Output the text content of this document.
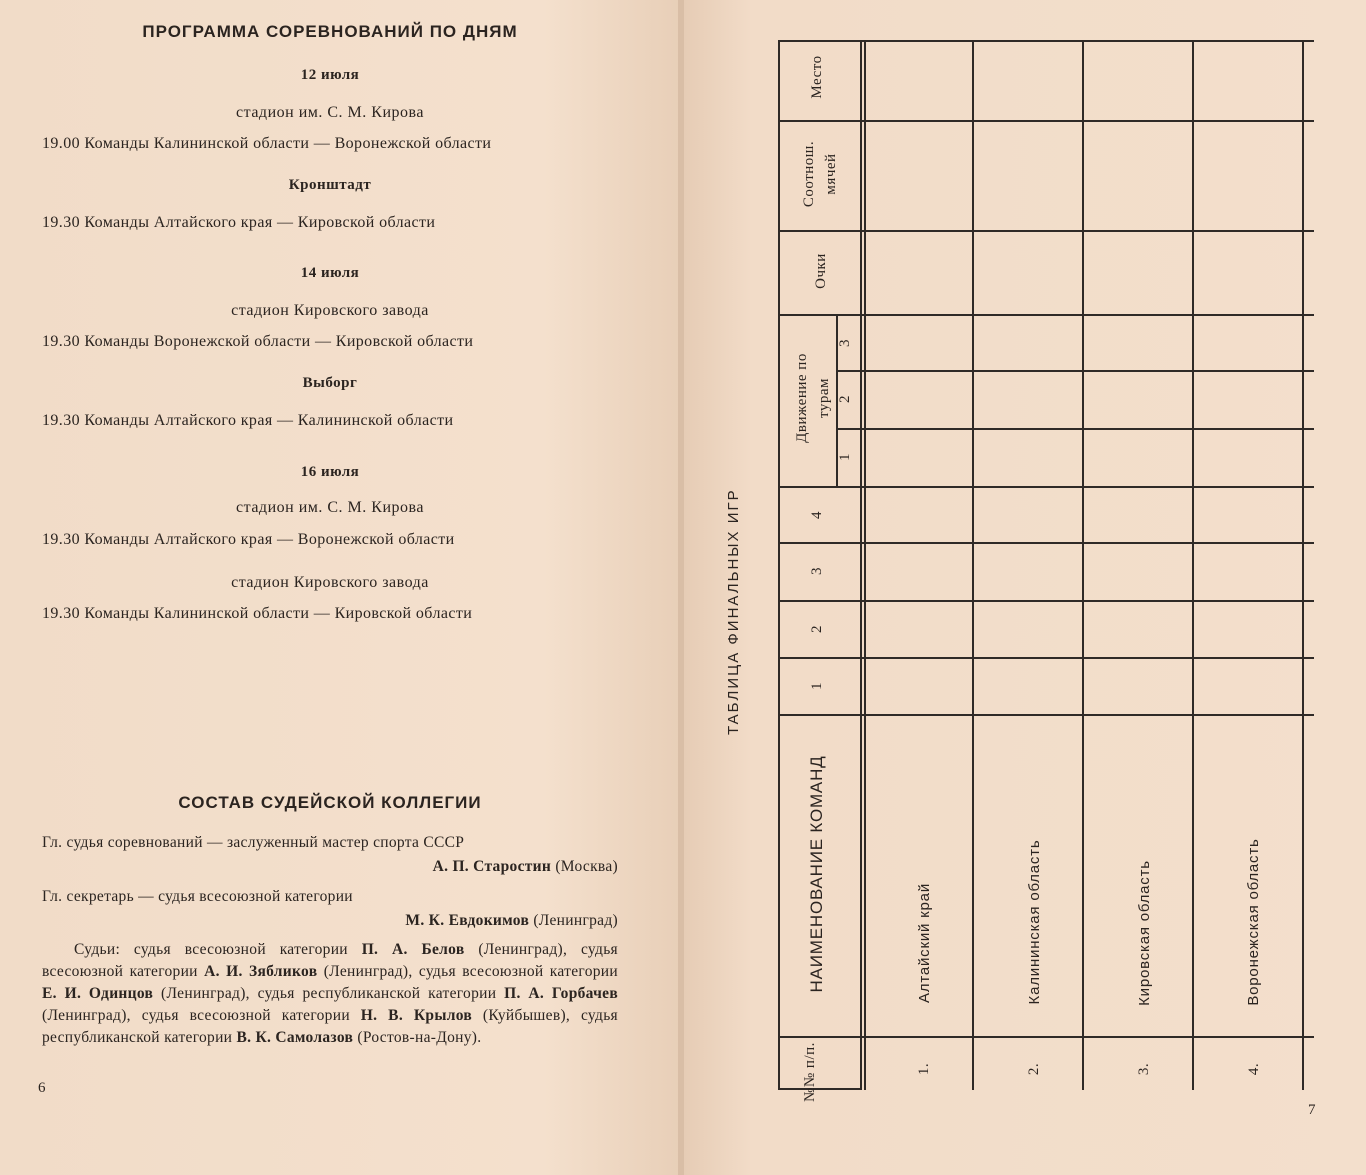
ПРОГРАММА СОРЕВНОВАНИЙ ПО ДНЯМ
12 июля
стадион им. С. М. Кирова
19.00 Команды Калининской области — Воронежской области
Кронштадт
19.30 Команды Алтайского края — Кировской области
14 июля
стадион Кировского завода
19.30 Команды Воронежской области — Кировской области
Выборг
19.30 Команды Алтайского края — Калининской области
16 июля
стадион им. С. М. Кирова
19.30 Команды Алтайского края — Воронежской области
стадион Кировского завода
19.30 Команды Калининской области — Кировской области
СОСТАВ СУДЕЙСКОЙ КОЛЛЕГИИ
Гл. судья соревнований — заслуженный мастер спорта СССР
А. П. Старостин (Москва)
Гл. секретарь — судья всесоюзной категории
М. К. Евдокимов (Ленинград)
Судьи: судья всесоюзной категории П. А. Белов (Ленинград), судья всесоюзной категории А. И. Зябликов (Ленинград), судья всесоюзной категории Е. И. Одинцов (Ленинград), судья республиканской категории П. А. Горбачев (Ленинград), судья всесоюзной категории Н. В. Крылов (Куйбышев), судья республиканской категории В. К. Самолазов (Ростов-на-Дону).
6
ТАБЛИЦА ФИНАЛЬНЫХ ИГР
Место
Соотнош. мячей
Очки
Движение по турам
3
2
1
4
3
2
1
НАИМЕНОВАНИЕ КОМАНД
№№ п/п.
Алтайский край
1.
Калининская область
2.
Кировская область
3.
Воронежская область
4.
7
